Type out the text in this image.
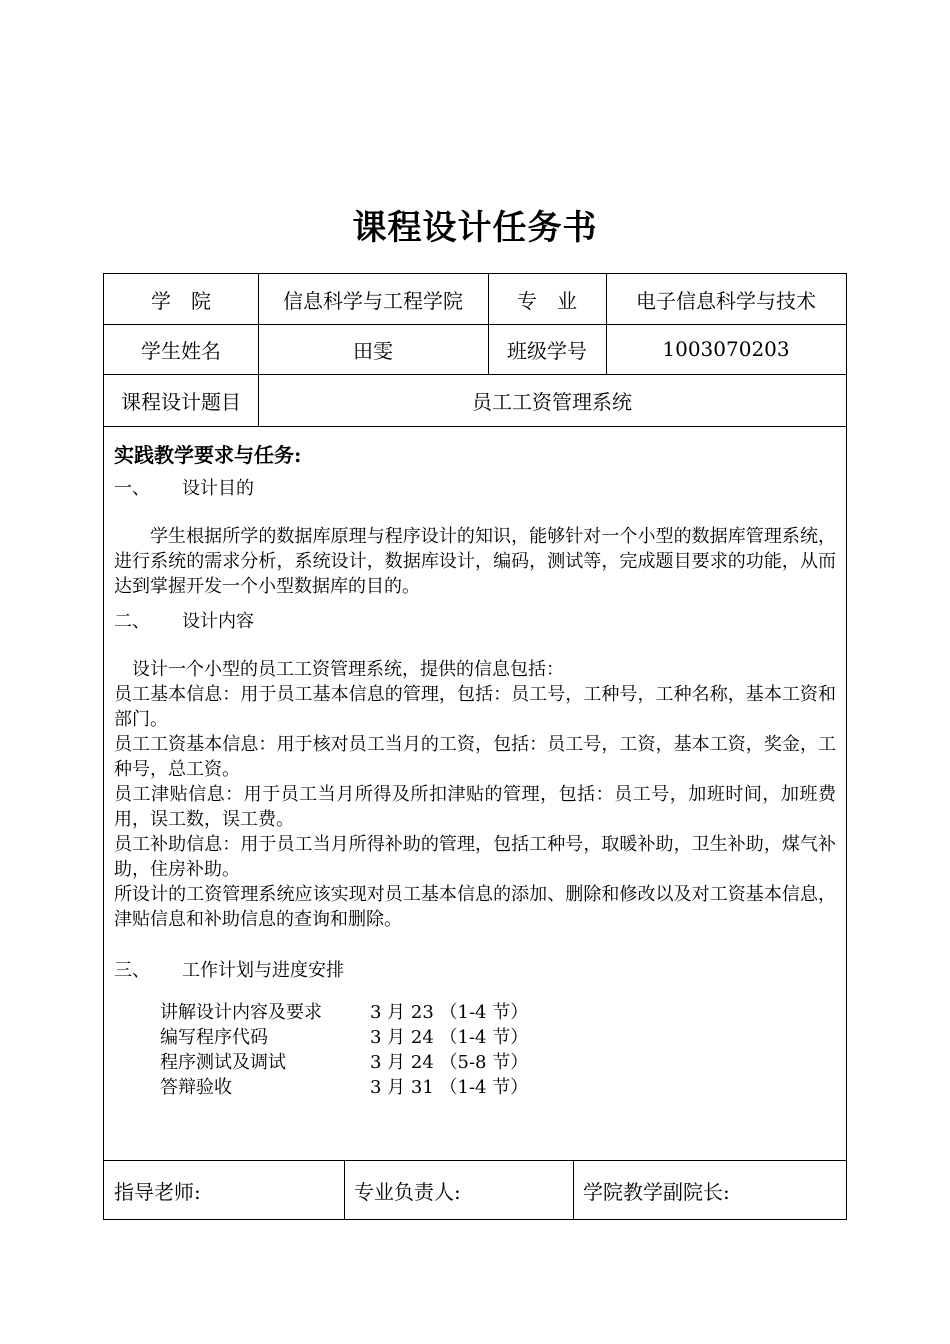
课程设计任务书
学　院	信息科学与工程学院	专　业	电子信息科学与技术
学生姓名	田雯	班级学号	1003070203
课程设计题目	员工工资管理系统
实践教学要求与任务:
一、 设计目的
学生根据所学的数据库原理与程序设计的知识，能够针对一个小型的数据库管理系统，进行系统的需求分析，系统设计，数据库设计，编码，测试等，完成题目要求的功能，从而达到掌握开发一个小型数据库的目的。
二、 设计内容
设计一个小型的员工工资管理系统，提供的信息包括：
员工基本信息：用于员工基本信息的管理，包括：员工号，工种号，工种名称，基本工资和部门。
员工工资基本信息：用于核对员工当月的工资，包括：员工号，工资，基本工资，奖金，工种号，总工资。
员工津贴信息：用于员工当月所得及所扣津贴的管理，包括：员工号，加班时间，加班费用，误工数，误工费。
员工补助信息：用于员工当月所得补助的管理，包括工种号，取暖补助，卫生补助，煤气补助，住房补助。
所设计的工资管理系统应该实现对员工基本信息的添加、删除和修改以及对工资基本信息，津贴信息和补助信息的查询和删除。
三、 工作计划与进度安排
讲解设计内容及要求	3 月 23 （1-4 节）
编写程序代码	3 月 24 （1-4 节）
程序测试及调试	3 月 24 （5-8 节）
答辩验收	3 月 31 （1-4 节）
指导老师:	专业负责人:	学院教学副院长:
